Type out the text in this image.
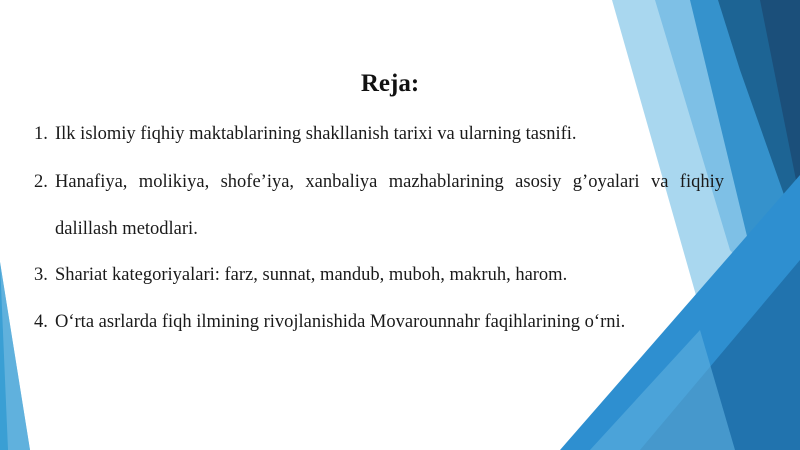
Reja:
1. Ilk islomiy fiqhiy maktablarining shakllanish tarixi va ularning tasnifi.
2. Hanafiya, molikiya, shofe’iya, xanbaliya mazhablarining asosiy g’oyalari va fiqhiy dalillash metodlari.
3. Shariat kategoriyalari: farz, sunnat, mandub, muboh, makruh, harom.
4. O‘rta asrlarda fiqh ilmining rivojlanishida Movarounnahr faqihlarining o‘rni.
